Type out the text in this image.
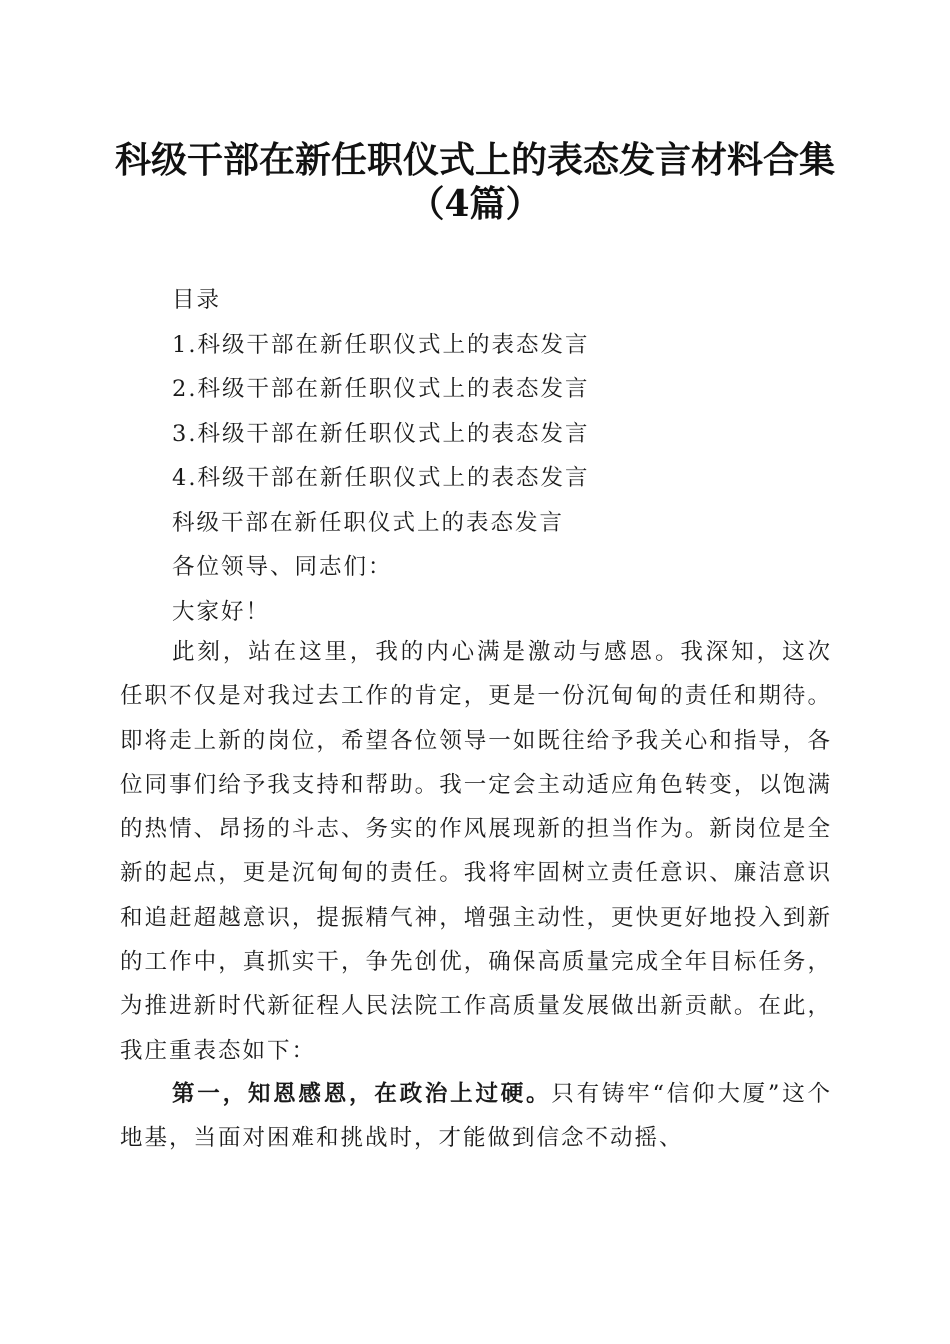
科级干部在新任职仪式上的表态发言材料合集
（4篇）
目录
1.科级干部在新任职仪式上的表态发言
2.科级干部在新任职仪式上的表态发言
3.科级干部在新任职仪式上的表态发言
4.科级干部在新任职仪式上的表态发言
科级干部在新任职仪式上的表态发言
各位领导、同志们：
大家好！

此刻，站在这里，我的内心满是激动与感恩。我深知，这次任职不仅是对我过去工作的肯定，更是一份沉甸甸的责任和期待。即将走上新的岗位，希望各位领导一如既往给予我关心和指导，各位同事们给予我支持和帮助。我一定会主动适应角色转变，以饱满的热情、昂扬的斗志、务实的作风展现新的担当作为。新岗位是全新的起点，更是沉甸甸的责任。我将牢固树立责任意识、廉洁意识和追赶超越意识，提振精气神，增强主动性，更快更好地投入到新的工作中，真抓实干，争先创优，确保高质量完成全年目标任务，为推进新时代新征程人民法院工作高质量发展做出新贡献。在此，我庄重表态如下：

第一，知恩感恩，在政治上过硬。只有铸牢“信仰大厦”这个地基，当面对困难和挑战时，才能做到信念不动摇、
